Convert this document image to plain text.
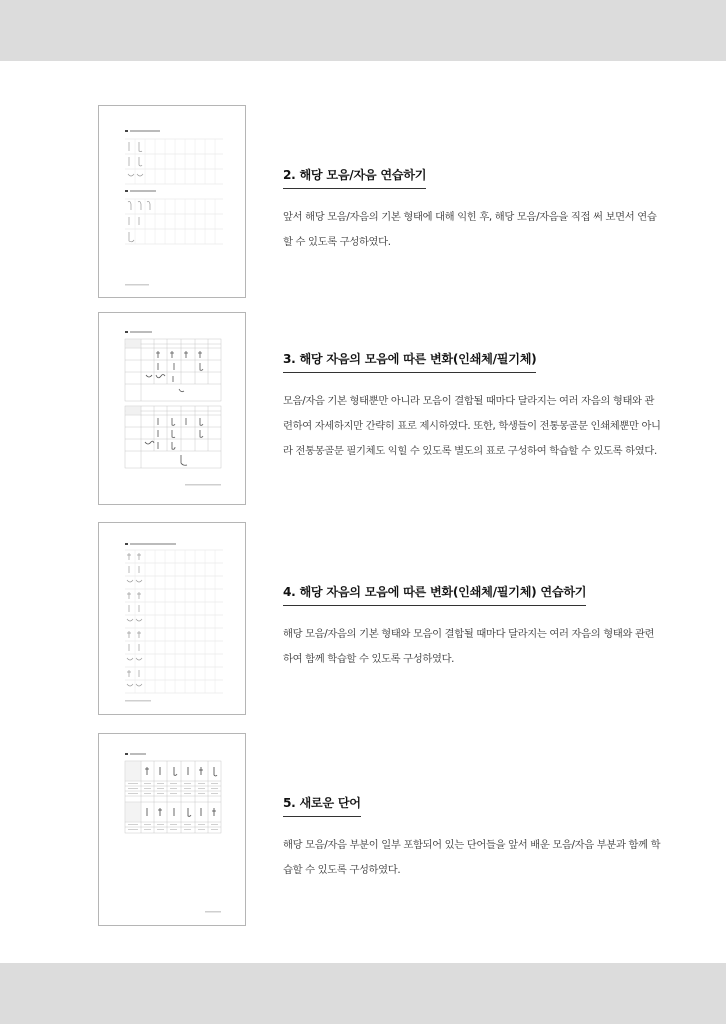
2. 해당 모음/자음 연습하기

앞서 해당 모음/자음의 기본 형태에 대해 익힌 후, 해당 모음/자음을 직접 써 보면서 연습할 수 있도록 구성하였다.

3. 해당 자음의 모음에 따른 변화(인쇄체/필기체)

모음/자음 기본 형태뿐만 아니라 모음이 결합될 때마다 달라지는 여러 자음의 형태와 관련하여 자세하지만 간략히 표로 제시하였다. 또한, 학생들이 전통몽골문 인쇄체뿐만 아니라 전통몽골문 필기체도 익힐 수 있도록 별도의 표로 구성하여 학습할 수 있도록 하였다.

4. 해당 자음의 모음에 따른 변화(인쇄체/필기체) 연습하기

해당 모음/자음의 기본 형태와 모음이 결합될 때마다 달라지는 여러 자음의 형태와 관련하여 함께 학습할 수 있도록 구성하였다.

5. 새로운 단어

해당 모음/자음 부분이 일부 포함되어 있는 단어들을 앞서 배운 모음/자음 부분과 함께 학습할 수 있도록 구성하였다.
